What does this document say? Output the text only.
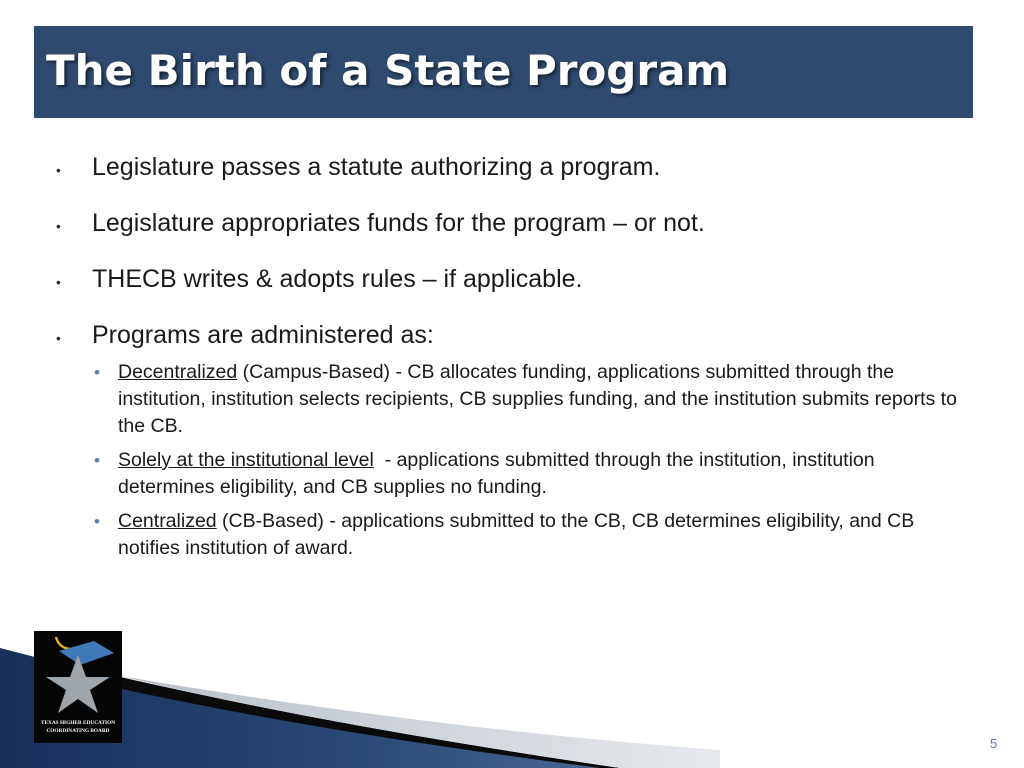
The Birth of a State Program
• Legislature passes a statute authorizing a program.
• Legislature appropriates funds for the program – or not.
• THECB writes & adopts rules – if applicable.
• Programs are administered as:
• Decentralized (Campus-Based) - CB allocates funding, applications submitted through the institution, institution selects recipients, CB supplies funding, and the institution submits reports to the CB.
• Solely at the institutional level  - applications submitted through the institution, institution determines eligibility, and CB supplies no funding.
• Centralized (CB-Based) - applications submitted to the CB, CB determines eligibility, and CB notifies institution of award.
TEXAS HIGHER EDUCATION
COORDINATING BOARD
5
